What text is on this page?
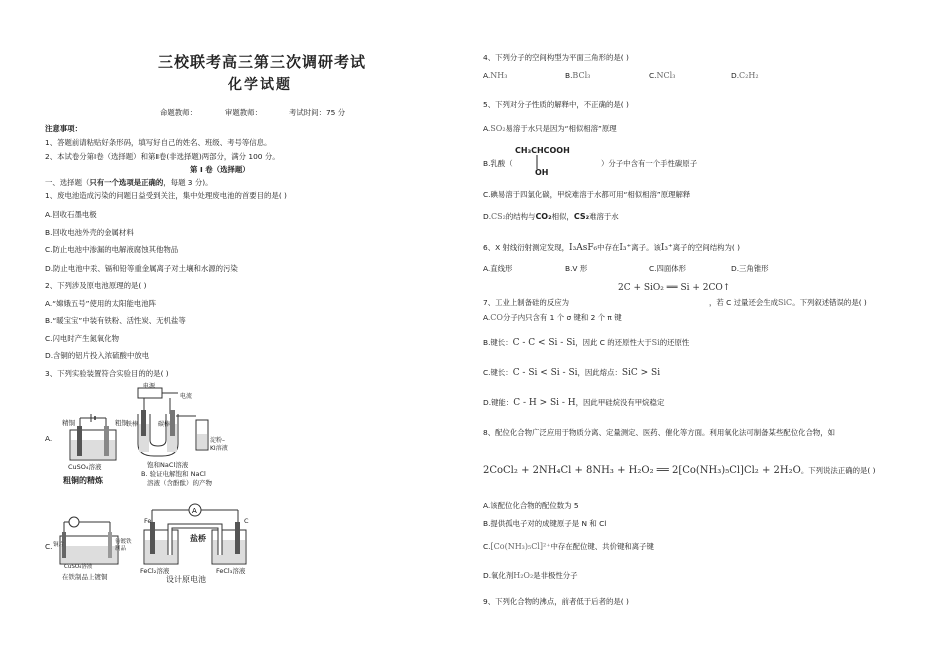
三校联考高三第三次调研考试
化学试题
命题教师：	审题教师：	考试时间：75 分
注意事项：
1、答题前请粘贴好条形码，填写好自己的姓名、班级、考号等信息。
2、本试卷分第Ⅰ卷（选择题）和第Ⅱ卷(非选择题)两部分，满分 100 分。
第 Ⅰ 卷（选择题）
一、选择题（只有一个选项是正确的，每题 3 分)。
1、废电池造成污染的问题日益受到关注，集中处理废电池的首要目的是( )
A.回收石墨电极
B.回收电池外壳的金属材料
C.防止电池中渗漏的电解液腐蚀其他物品
D.防止电池中汞、镉和铅等重金属离子对土壤和水源的污染
2、下列涉及原电池原理的是( )
A.“嫦娥五号”使用的太阳能电池阵
B.“暖宝宝”中装有铁粉、活性炭、无机盐等
C.闪电时产生氮氧化物
D.含铜的铝片投入浓硫酸中放电
3、下列实验装置符合实验目的的是( )
A.
精铜	粗铜
CuSO₄溶液
粗铜的精炼
电源
电流
铁棒	碳棒
淀粉–
KI溶液
饱和NaCl溶液
B. 验证电解饱和 NaCl
溶液（含酚酞）的产物
C. 铜片	待镀铁
制品
CuSO₄溶液
在铁制品上镀铜
A
Fe	C
盐桥
FeCl₂溶液	FeCl₃溶液
设计原电池
4、下列分子的空间构型为平面三角形的是( )
A.NH₃	B.BCl₃	C.NCl₃	D.C₂H₂
5、下列对分子性质的解释中，不正确的是( )
A.SO₂易溶于水只是因为“相似相溶”原理
CH₃CHCOOH
OH
B.乳酸（	）分子中含有一个手性碳原子
C.碘易溶于四氯化碳，甲烷难溶于水都可用“相似相溶”原理解释
D.CS₂的结构与CO₂相似，CS₂难溶于水
6、X 射线衍射测定发现，I₃AsF₆中存在I₃⁺离子。该I₃⁺离子的空间结构为( )
A.直线形	B.V 形	C.四面体形	D.三角锥形
2C + SiO₂ ══ Si + 2CO↑
7、工业上制备硅的反应为	，若 C 过量还会生成SiC。下列叙述错误的是( )
A.CO分子内只含有 1 个 σ 键和 2 个 π 键
B.键长：C - C < Si - Si，因此 C 的还原性大于Si的还原性
C.键长：C - Si < Si - Si，因此熔点：SiC > Si
D.键能：C - H > Si - H，因此甲硅烷没有甲烷稳定
8、配位化合物广泛应用于物质分离、定量测定、医药、催化等方面。利用氧化法可制备某些配位化合物，如
2CoCl₂ + 2NH₄Cl + 8NH₃ + H₂O₂ ══ 2[Co(NH₃)₅Cl]Cl₂ + 2H₂O。下列说法正确的是( )
A.该配位化合物的配位数为 5
B.提供孤电子对的成键原子是 N 和 Cl
C.[Co(NH₃)₅Cl]²⁺中存在配位键、共价键和离子键
D.氧化剂H₂O₂是非极性分子
9、下列化合物的沸点，前者低于后者的是( )
